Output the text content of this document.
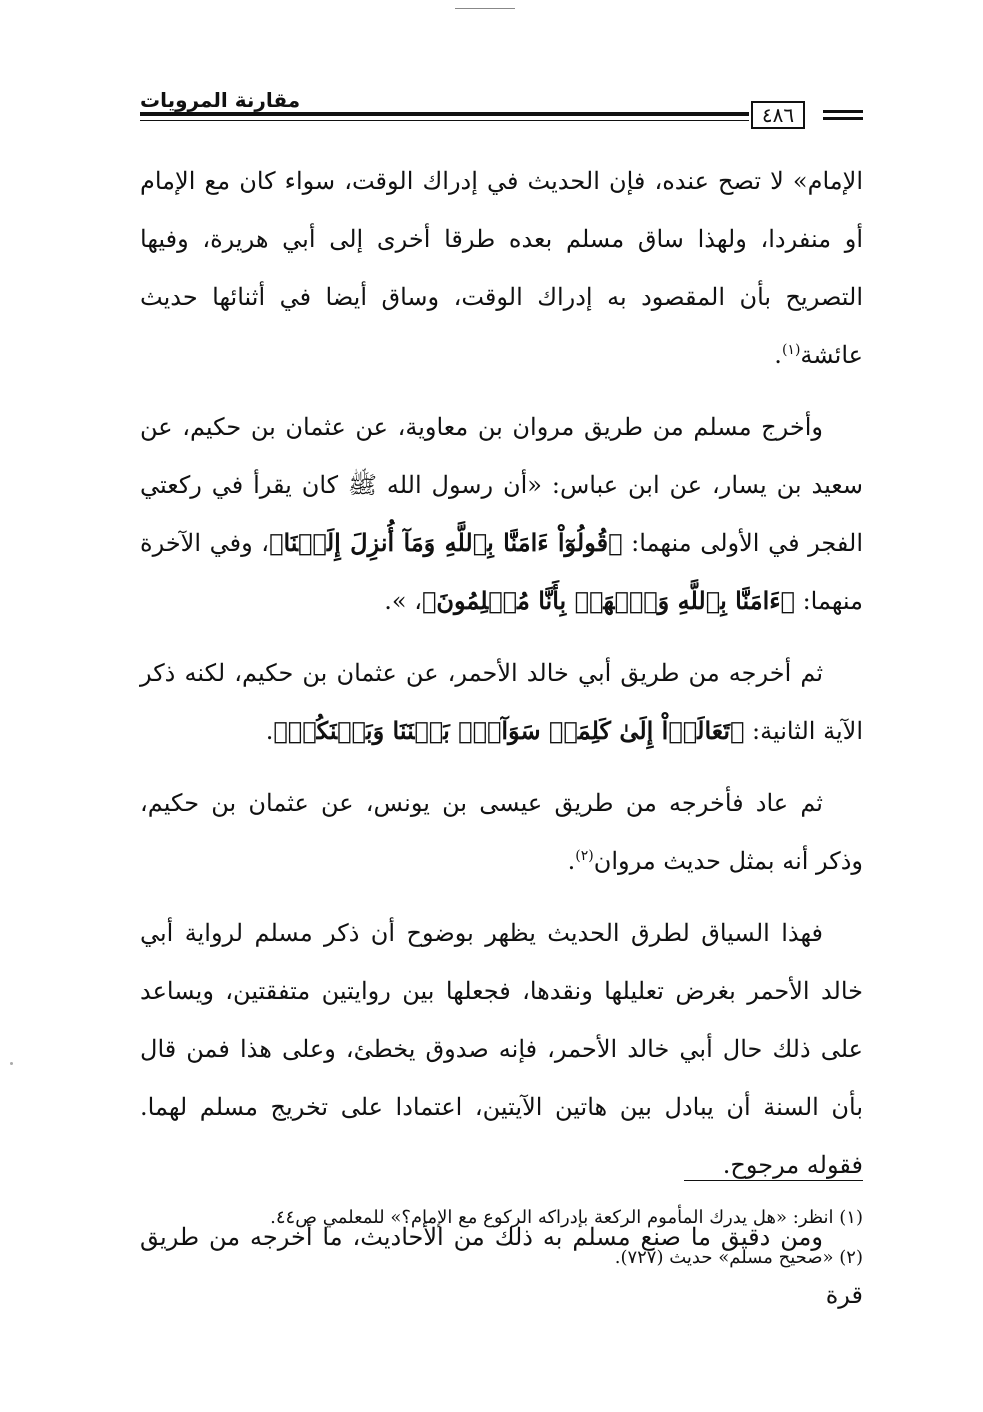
مقارنة المرويات
٤٨٦

الإمام» لا تصح عنده، فإن الحديث في إدراك الوقت، سواء كان مع الإمام أو منفردا، ولهذا ساق مسلم بعده طرقا أخرى إلى أبي هريرة، وفيها التصريح بأن المقصود به إدراك الوقت، وساق أيضا في أثنائها حديث عائشة$^{(١)}$.

وأخرج مسلم من طريق مروان بن معاوية، عن عثمان بن حكيم، عن سعيد بن يسار، عن ابن عباس: «أن رسول الله ﷺ كان يقرأ في ركعتي الفجر في الأولى منهما: ﴿قُولُوٓاْ ءَامَنَّا بِٱللَّهِ وَمَآ أُنزِلَ إِلَيۡنَا﴾، وفي الآخرة منهما: ﴿ءَامَنَّا بِٱللَّهِ وَٱشۡهَدۡ بِأَنَّا مُسۡلِمُونَ﴾، ».

ثم أخرجه من طريق أبي خالد الأحمر، عن عثمان بن حكيم، لكنه ذكر الآية الثانية: ﴿تَعَالَوۡاْ إِلَىٰ كَلِمَةٖ سَوَآءِۭ بَيۡنَنَا وَبَيۡنَكُمۡ﴾.

ثم عاد فأخرجه من طريق عيسى بن يونس، عن عثمان بن حكيم، وذكر أنه بمثل حديث مروان$^{(٢)}$.

فهذا السياق لطرق الحديث يظهر بوضوح أن ذكر مسلم لرواية أبي خالد الأحمر بغرض تعليلها ونقدها، فجعلها بين روايتين متفقتين، ويساعد على ذلك حال أبي خالد الأحمر، فإنه صدوق يخطئ، وعلى هذا فمن قال بأن السنة أن يبادل بين هاتين الآيتين، اعتمادا على تخريج مسلم لهما. فقوله مرجوح.

ومن دقيق ما صنع مسلم به ذلك من الأحاديث، ما أخرجه من طريق قرة

(١) انظر: «هل يدرك المأموم الركعة بإدراكه الركوع مع الإمام؟» للمعلمي ص٤٤.
(٢) «صحيح مسلم» حديث (٧٢٧).
